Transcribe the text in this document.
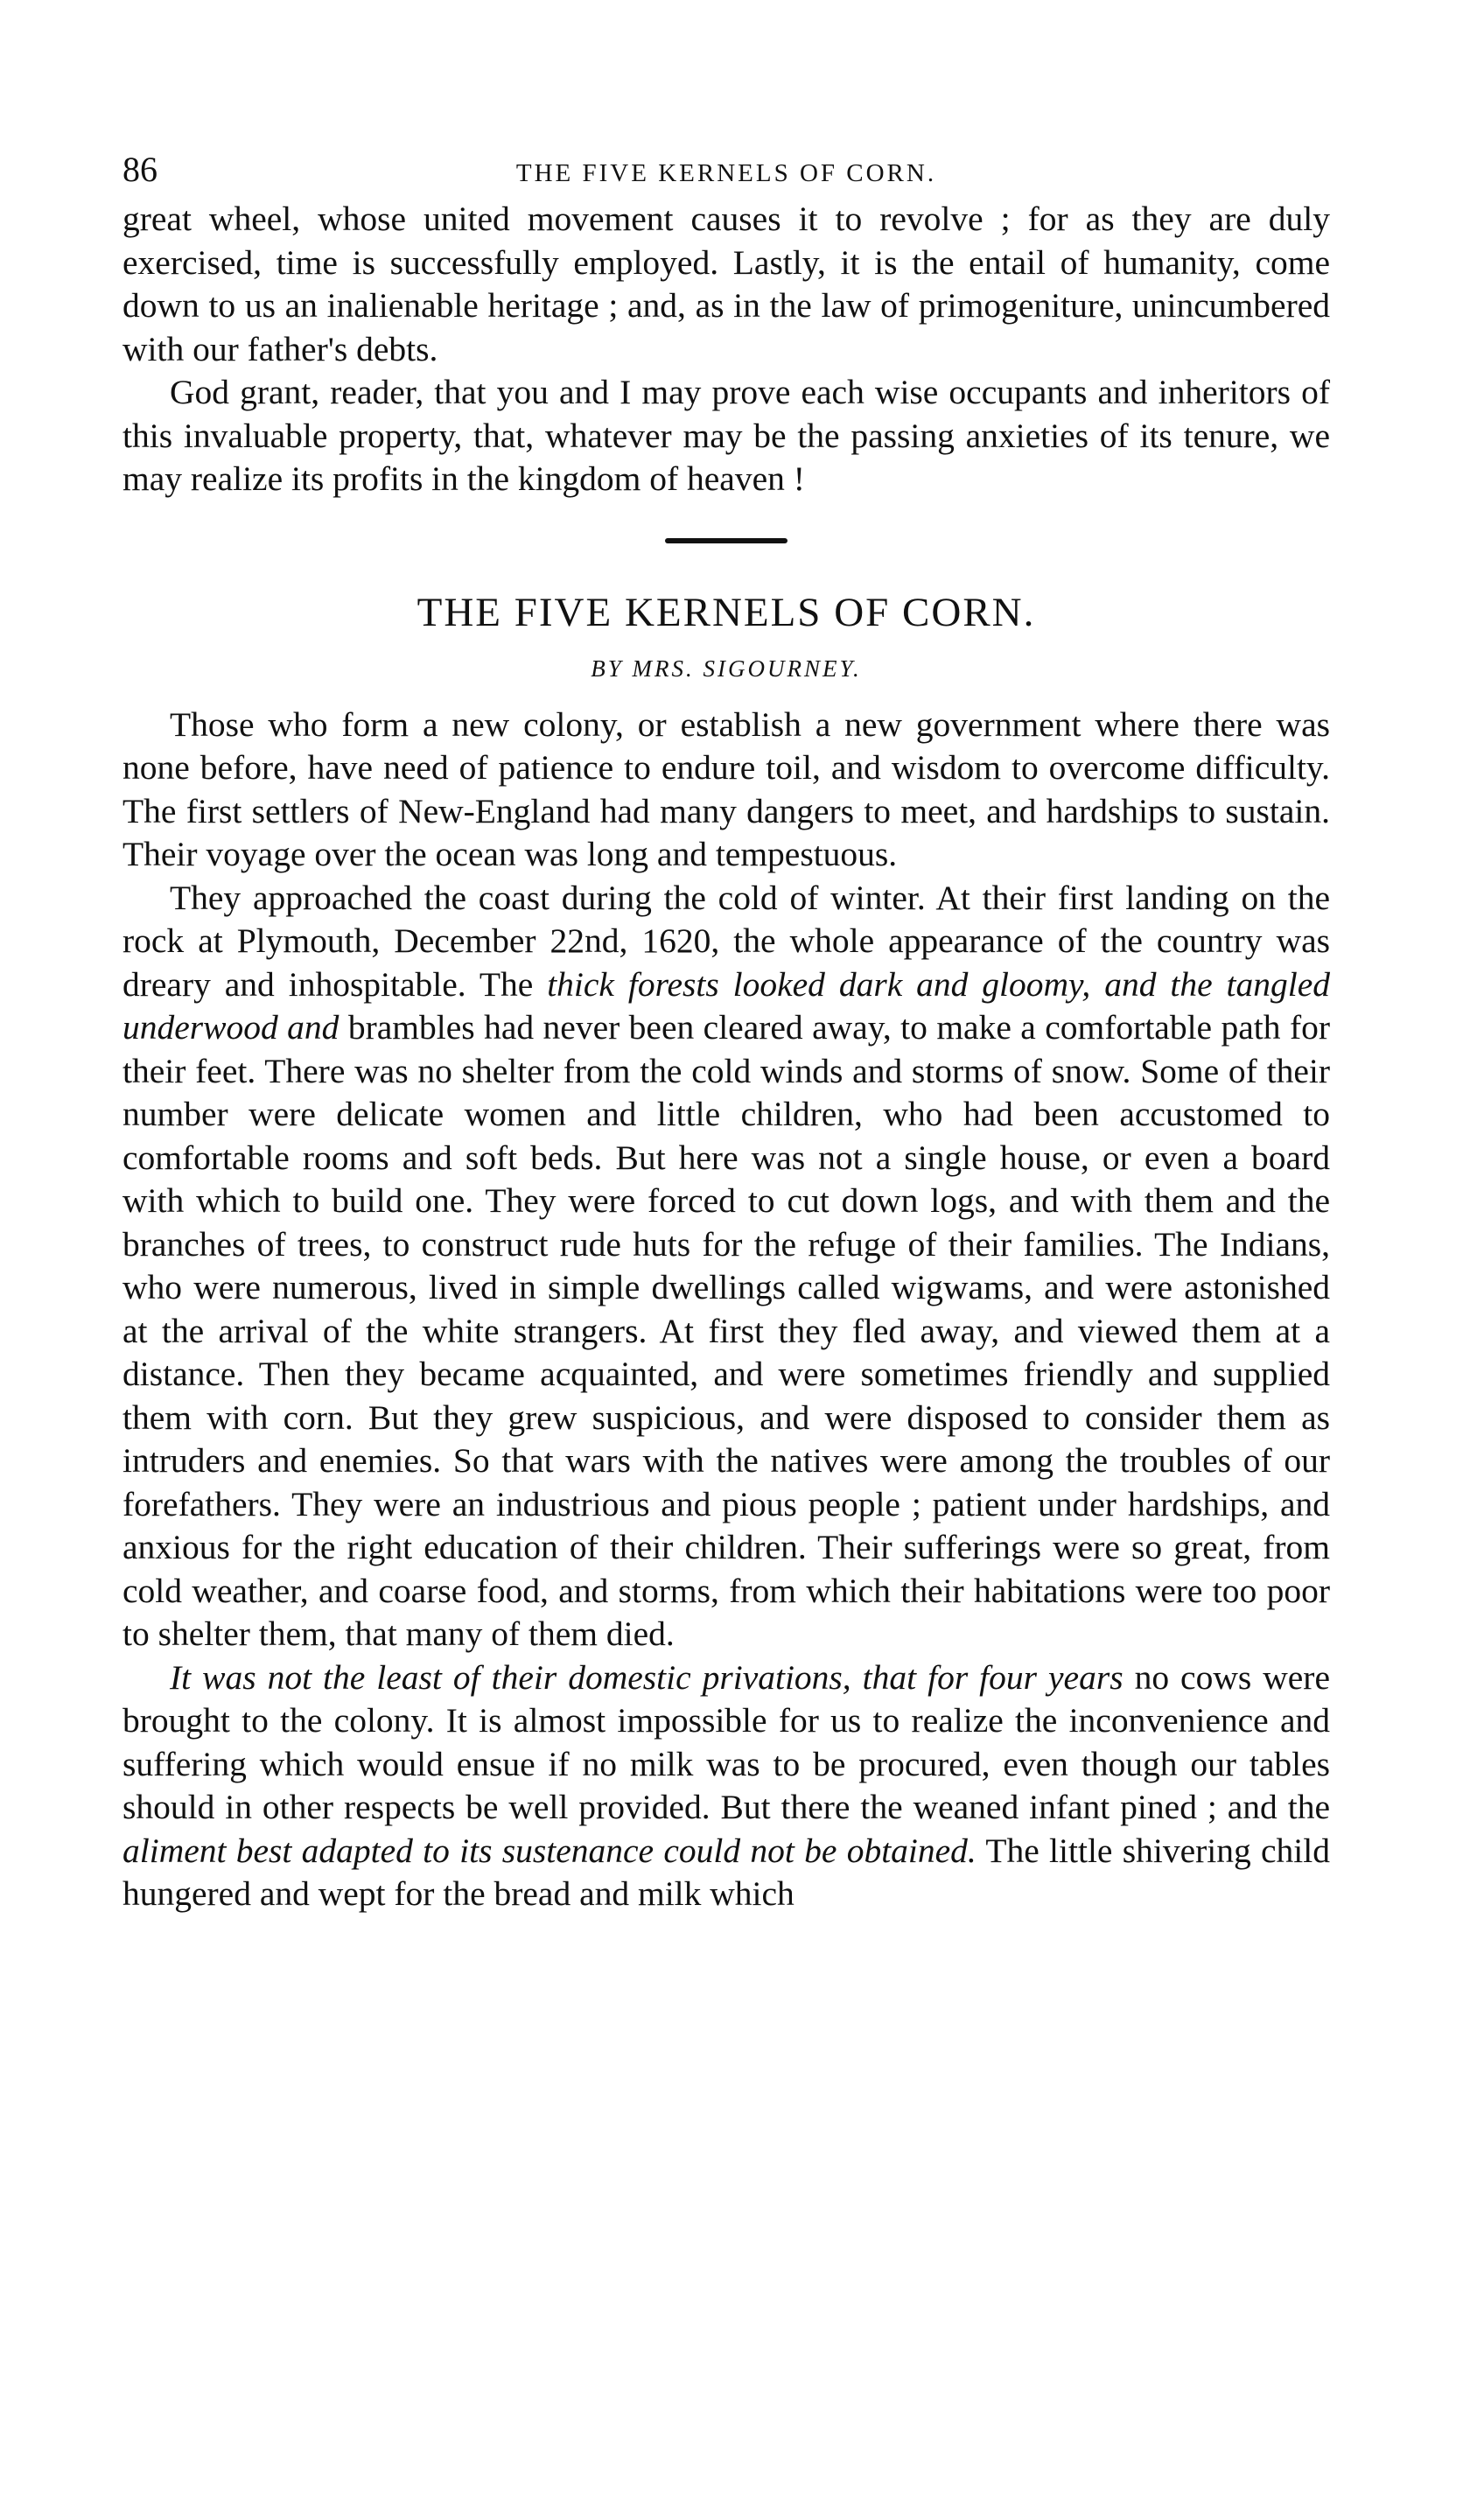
86	THE FIVE KERNELS OF CORN.

great wheel, whose united movement causes it to revolve ; for as they are duly exercised, time is successfully employed. Lastly, it is the entail of humanity, come down to us an inalienable heritage ; and, as in the law of primogeniture, unincumbered with our father's debts.

God grant, reader, that you and I may prove each wise occupants and inheritors of this invaluable property, that, whatever may be the passing anxieties of its tenure, we may realize its profits in the kingdom of heaven !

THE FIVE KERNELS OF CORN.
BY MRS. SIGOURNEY.

Those who form a new colony, or establish a new government where there was none before, have need of patience to endure toil, and wisdom to overcome difficulty. The first settlers of New-England had many dangers to meet, and hardships to sustain. Their voyage over the ocean was long and tempestuous.

They approached the coast during the cold of winter. At their first landing on the rock at Plymouth, December 22nd, 1620, the whole appearance of the country was dreary and inhospitable. The thick forests looked dark and gloomy, and the tangled underwood and brambles had never been cleared away, to make a comfortable path for their feet. There was no shelter from the cold winds and storms of snow. Some of their number were delicate women and little children, who had been accustomed to comfortable rooms and soft beds. But here was not a single house, or even a board with which to build one. They were forced to cut down logs, and with them and the branches of trees, to construct rude huts for the refuge of their families. The Indians, who were numerous, lived in simple dwellings called wigwams, and were astonished at the arrival of the white strangers. At first they fled away, and viewed them at a distance. Then they became acquainted, and were sometimes friendly and supplied them with corn. But they grew suspicious, and were disposed to consider them as intruders and enemies. So that wars with the natives were among the troubles of our forefathers. They were an industrious and pious people ; patient under hardships, and anxious for the right education of their children. Their sufferings were so great, from cold weather, and coarse food, and storms, from which their habitations were too poor to shelter them, that many of them died.

It was not the least of their domestic privations, that for four years no cows were brought to the colony. It is almost impossible for us to realize the inconvenience and suffering which would ensue if no milk was to be procured, even though our tables should in other respects be well provided. But there the weaned infant pined ; and the aliment best adapted to its sustenance could not be obtained. The little shivering child hungered and wept for the bread and milk which
